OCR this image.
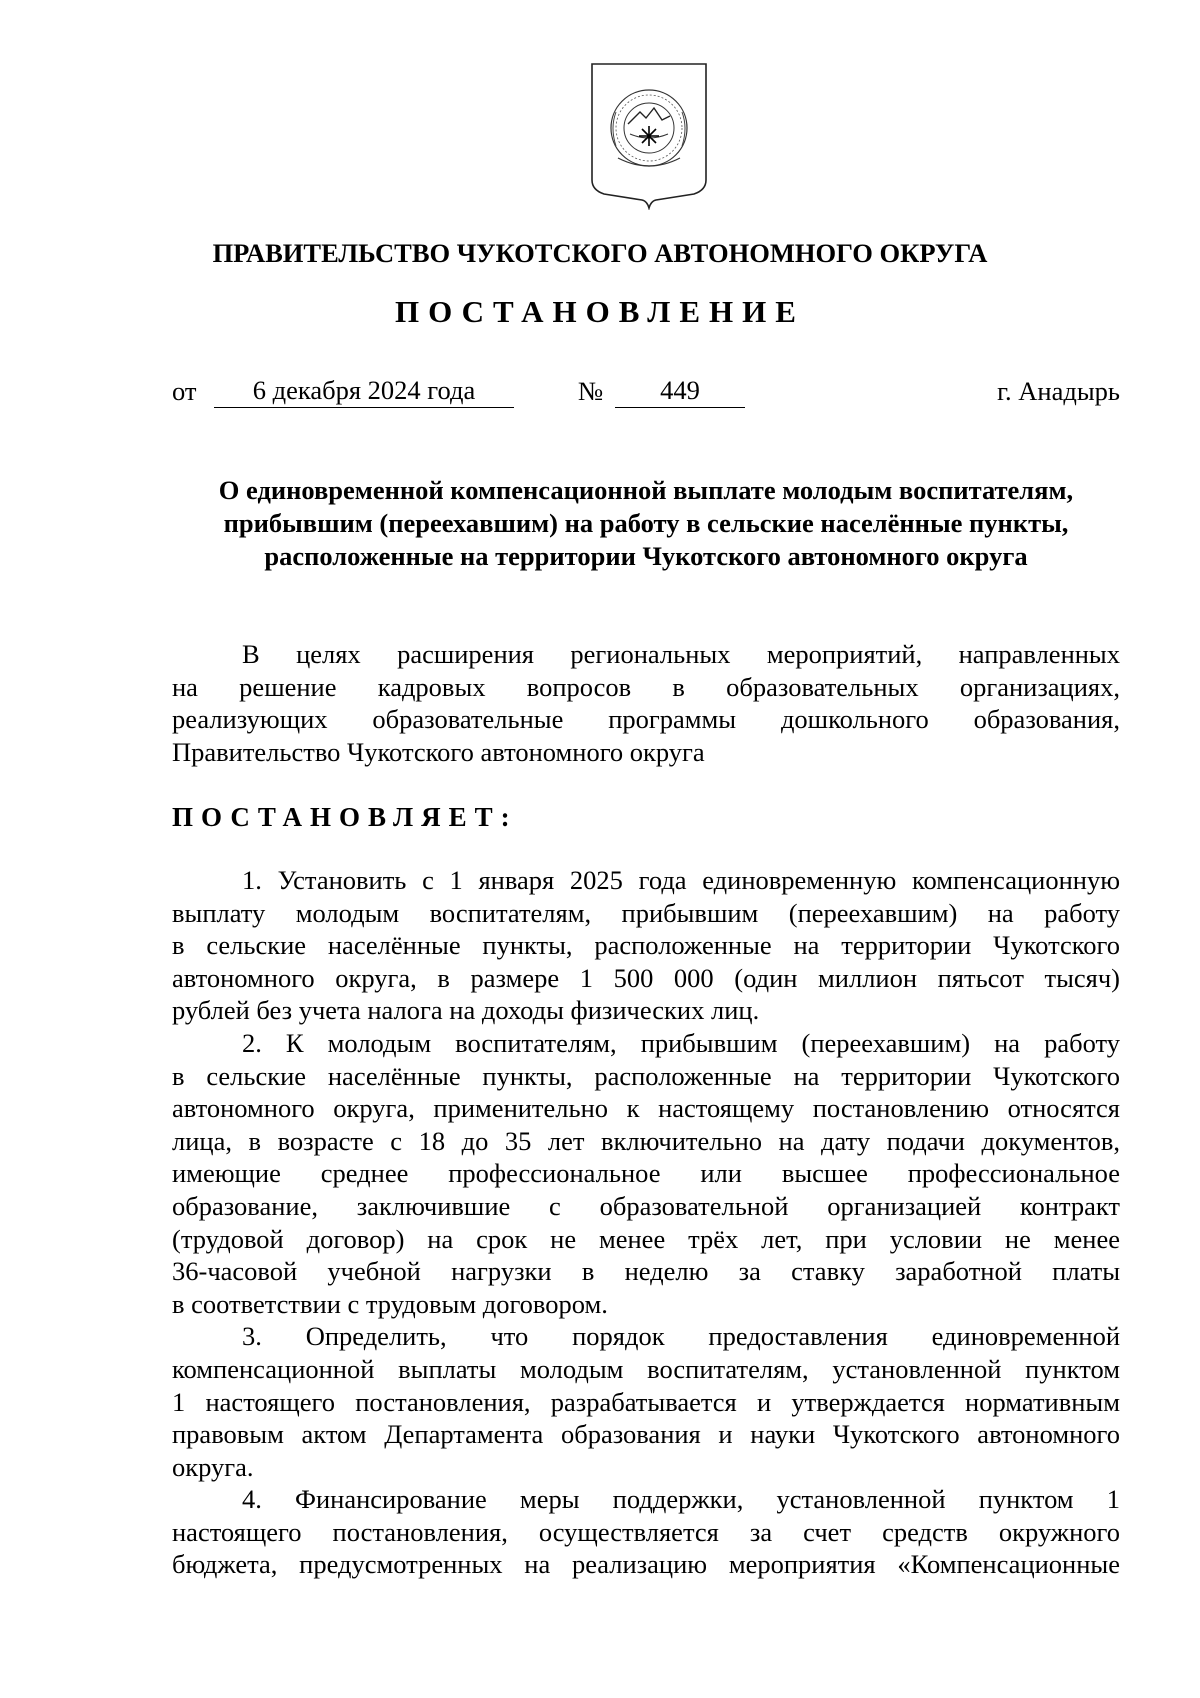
ПРАВИТЕЛЬСТВО ЧУКОТСКОГО АВТОНОМНОГО ОКРУГА
ПОСТАНОВЛЕНИЕ
от	6 декабря 2024 года	№	449	г. Анадырь
О единовременной компенсационной выплате молодым воспитателям,
прибывшим (переехавшим) на работу в сельские населённые пункты,
расположенные на территории Чукотского автономного округа
В целях расширения региональных мероприятий, направленных
на решение кадровых вопросов в образовательных организациях,
реализующих образовательные программы дошкольного образования,
Правительство Чукотского автономного округа
ПОСТАНОВЛЯЕТ:
1. Установить с 1 января 2025 года единовременную компенсационную
выплату молодым воспитателям, прибывшим (переехавшим) на работу
в сельские населённые пункты, расположенные на территории Чукотского
автономного округа, в размере 1 500 000 (один миллион пятьсот тысяч)
рублей без учета налога на доходы физических лиц.
2. К молодым воспитателям, прибывшим (переехавшим) на работу
в сельские населённые пункты, расположенные на территории Чукотского
автономного округа, применительно к настоящему постановлению относятся
лица, в возрасте с 18 до 35 лет включительно на дату подачи документов,
имеющие среднее профессиональное или высшее профессиональное
образование, заключившие с образовательной организацией контракт
(трудовой договор) на срок не менее трёх лет, при условии не менее
36-часовой учебной нагрузки в неделю за ставку заработной платы
в соответствии с трудовым договором.
3. Определить, что порядок предоставления единовременной
компенсационной выплаты молодым воспитателям, установленной пунктом
1 настоящего постановления, разрабатывается и утверждается нормативным
правовым актом Департамента образования и науки Чукотского автономного
округа.
4. Финансирование меры поддержки, установленной пунктом 1
настоящего постановления, осуществляется за счет средств окружного
бюджета, предусмотренных на реализацию мероприятия «Компенсационные
